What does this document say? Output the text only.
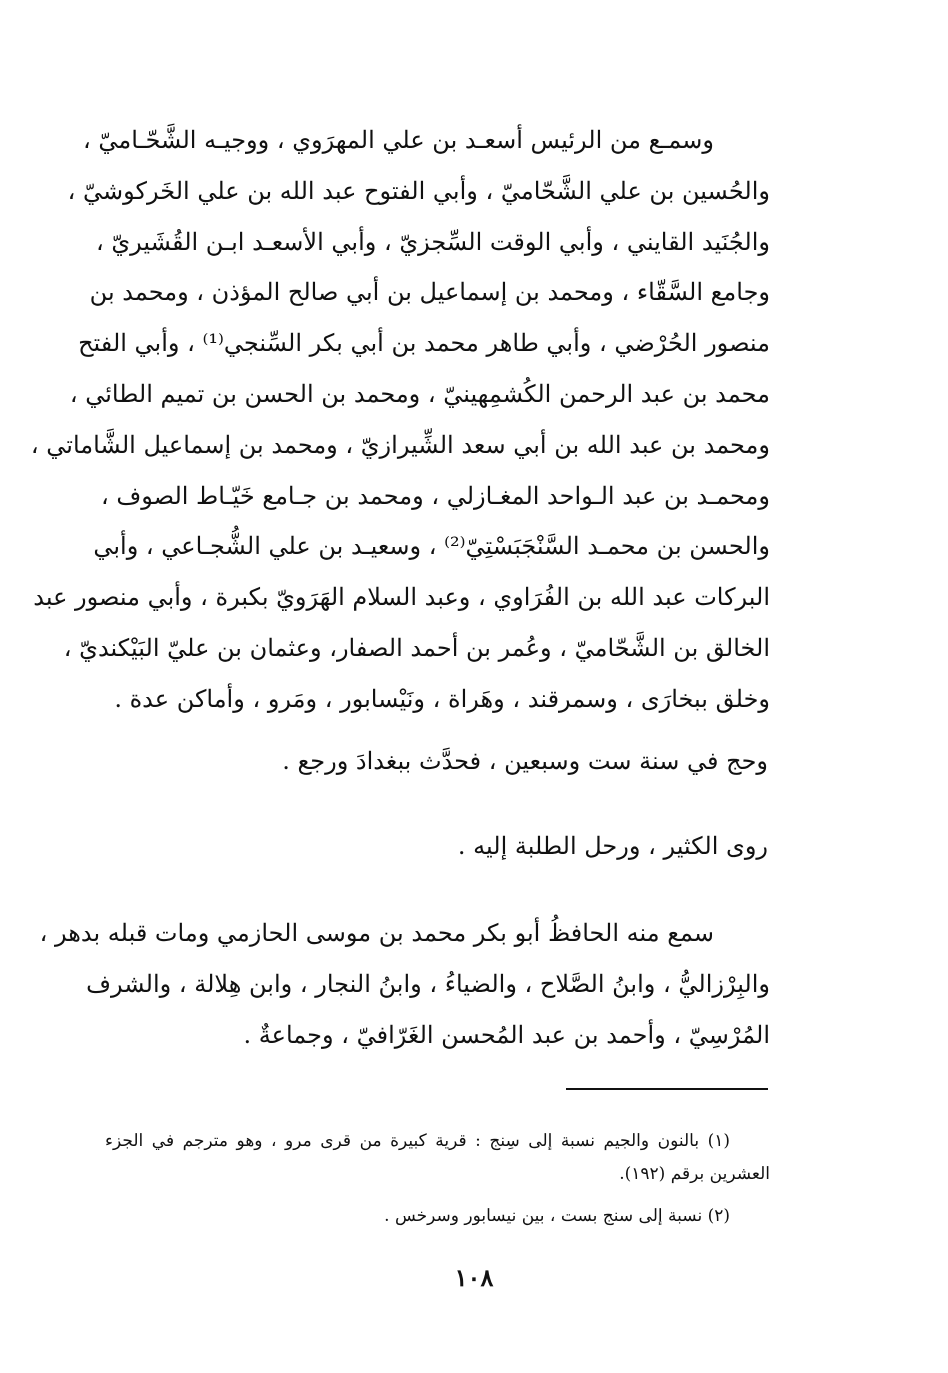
وسمـع من الرئيس أسعـد بن علي المهرَوي ، ووجيـه الشَّحّـاميّ ،
والحُسين بن علي الشَّحّاميّ ، وأبي الفتوح عبد الله بن علي الخَركوشيّ ،
والجُنَيد القايني ، وأبي الوقت السِّجزيّ ، وأبي الأسعـد ابـن القُشَيريّ ،
وجامع السَّقّاء ، ومحمد بن إسماعيل بن أبي صالح المؤذن ، ومحمد بن
منصور الحُرْضي ، وأبي طاهر محمد بن أبي بكر السِّنجي⁽¹⁾ ، وأبي الفتح
محمد بن عبد الرحمن الكُشمِهينيّ ، ومحمد بن الحسن بن تميم الطائي ،
ومحمد بن عبد الله بن أبي سعد الشِّيرازيّ ، ومحمد بن إسماعيل الشَّاماتي ،
ومحمـد بن عبد الـواحد المغـازلي ، ومحمد بن جـامع خَيّـاط الصوف ،
والحسن بن محمـد السَّنْجَبَسْتِيّ⁽²⁾ ، وسعيـد بن علي الشُّجـاعي ، وأبي
البركات عبد الله بن الفُرَاوي ، وعبد السلام الهَرَويّ بكبرة ، وأبي منصور عبد
الخالق بن الشَّحّاميّ ، وعُمر بن أحمد الصفار، وعثمان بن عليّ البَيْكنديّ ،
وخلق ببخارَى ، وسمرقند ، وهَراة ، ونَيْسابور ، ومَرو ، وأماكن عدة .

وحج في سنة ست وسبعين ، فحدَّث ببغدادَ ورجع .

روى الكثير ، ورحل الطلبة إليه .

سمع منه الحافظُ أبو بكر محمد بن موسى الحازمي ومات قبله بدهر ،
والبِرْزاليُّ ، وابنُ الصَّلاح ، والضياءُ ، وابنُ النجار ، وابن هِلالة ، والشرف
المُرْسِيّ ، وأحمد بن عبد المُحسن الغَرّافيّ ، وجماعةٌ .
(١) بالنون والجيم نسبة إلى سِنج : قرية كبيرة من قرى مرو ، وهو مترجم في الجزء
العشرين برقم (١٩٢).
(٢) نسبة إلى سنج بست ، بين نيسابور وسرخس .
١٠٨
